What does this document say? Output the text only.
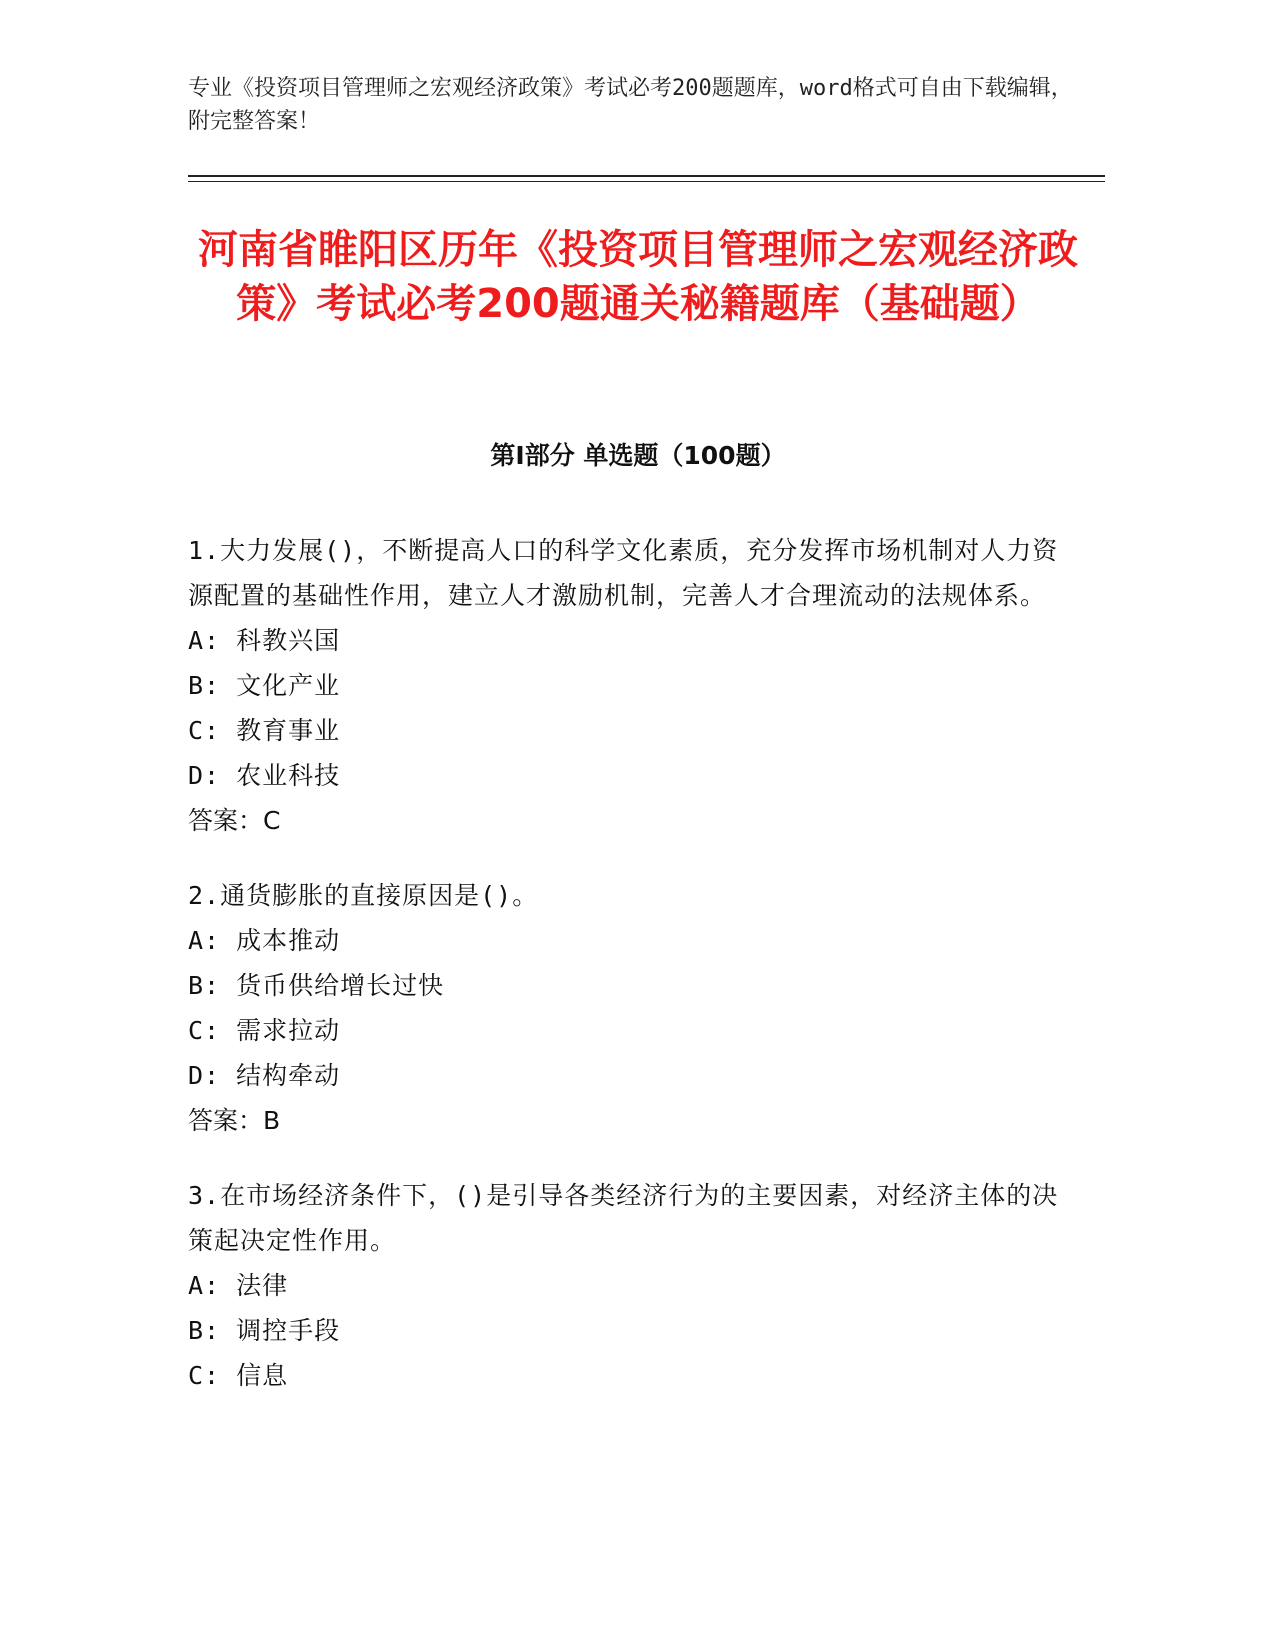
专业《投资项目管理师之宏观经济政策》考试必考200题题库，word格式可自由下载编辑，附完整答案！
河南省睢阳区历年《投资项目管理师之宏观经济政策》考试必考200题通关秘籍题库（基础题）
第I部分 单选题（100题）
1.大力发展()，不断提高人口的科学文化素质，充分发挥市场机制对人力资源配置的基础性作用，建立人才激励机制，完善人才合理流动的法规体系。
A: 科教兴国
B: 文化产业
C: 教育事业
D: 农业科技
答案：C
2.通货膨胀的直接原因是()。
A: 成本推动
B: 货币供给增长过快
C: 需求拉动
D: 结构牵动
答案：B
3.在市场经济条件下，()是引导各类经济行为的主要因素，对经济主体的决策起决定性作用。
A: 法律
B: 调控手段
C: 信息
